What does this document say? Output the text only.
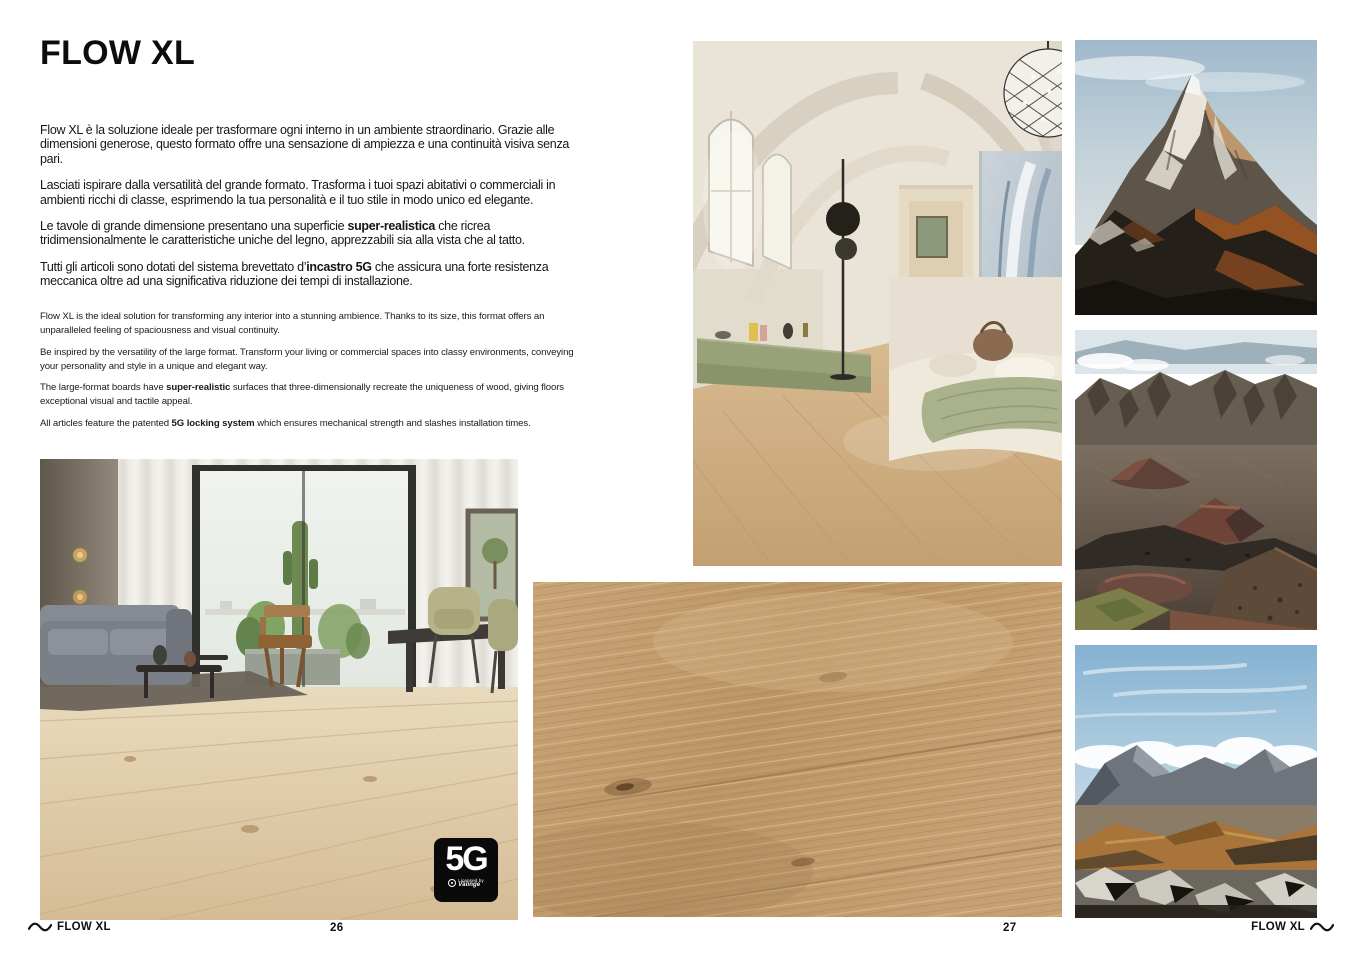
FLOW XL

Flow XL è la soluzione ideale per trasformare ogni interno in un ambiente straordinario. Grazie alle dimensioni generose, questo formato offre una sensazione di ampiezza e una continuità visiva senza pari.

Lasciati ispirare dalla versatilità del grande formato. Trasforma i tuoi spazi abitativi o commerciali in ambienti ricchi di classe, esprimendo la tua personalità e il tuo stile in modo unico ed elegante.

Le tavole di grande dimensione presentano una superficie super-realistica che ricrea tridimensionalmente le caratteristiche uniche del legno, apprezzabili sia alla vista che al tatto.

Tutti gli articoli sono dotati del sistema brevettato d’incastro 5G che assicura una forte resistenza meccanica oltre ad una significativa riduzione dei tempi di installazione.

Flow XL is the ideal solution for transforming any interior into a stunning ambience. Thanks to its size, this format offers an unparalleled feeling of spaciousness and visual continuity.

Be inspired by the versatility of the large format. Transform your living or commercial spaces into classy environments, conveying your personality and style in a unique and elegant way.

The large-format boards have super-realistic surfaces that three-dimensionally recreate the uniqueness of wood, giving floors exceptional visual and tactile appeal.

All articles feature the patented 5G locking system which ensures mechanical strength and slashes installation times.

5G
Licensed by
Välinge
FLOW XL	26	27	FLOW XL
